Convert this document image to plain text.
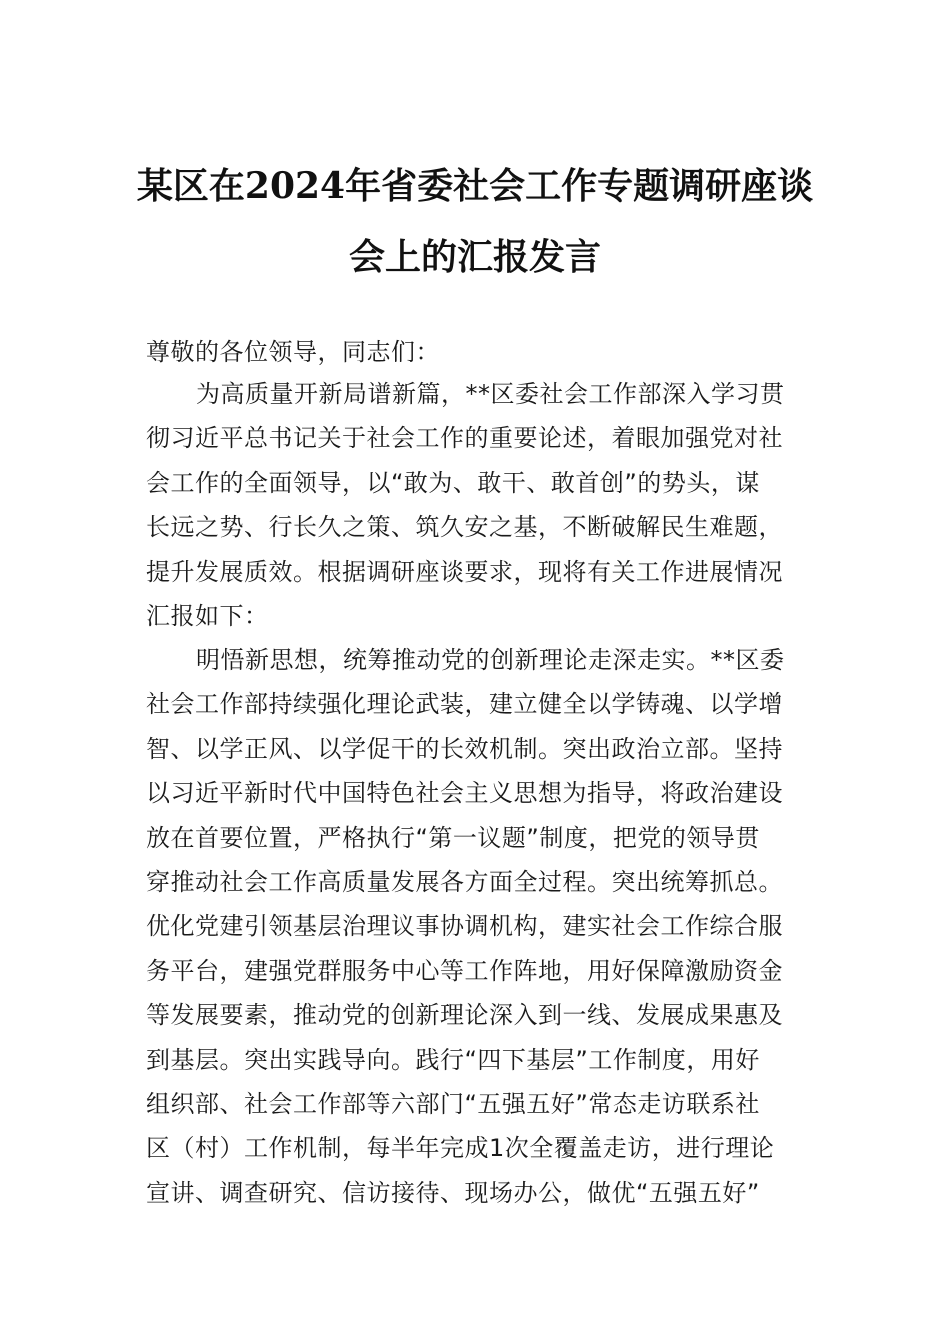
某区在2024年省委社会工作专题调研座谈
会上的汇报发言
尊敬的各位领导，同志们：
为高质量开新局谱新篇，**区委社会工作部深入学习贯
彻习近平总书记关于社会工作的重要论述，着眼加强党对社
会工作的全面领导，以“敢为、敢干、敢首创”的势头，谋
长远之势、行长久之策、筑久安之基，不断破解民生难题，
提升发展质效。根据调研座谈要求，现将有关工作进展情况
汇报如下：
明悟新思想，统筹推动党的创新理论走深走实。**区委
社会工作部持续强化理论武装，建立健全以学铸魂、以学增
智、以学正风、以学促干的长效机制。突出政治立部。坚持
以习近平新时代中国特色社会主义思想为指导，将政治建设
放在首要位置，严格执行“第一议题”制度，把党的领导贯
穿推动社会工作高质量发展各方面全过程。突出统筹抓总。
优化党建引领基层治理议事协调机构，建实社会工作综合服
务平台，建强党群服务中心等工作阵地，用好保障激励资金
等发展要素，推动党的创新理论深入到一线、发展成果惠及
到基层。突出实践导向。践行“四下基层”工作制度，用好
组织部、社会工作部等六部门“五强五好”常态走访联系社
区（村）工作机制，每半年完成1次全覆盖走访，进行理论
宣讲、调查研究、信访接待、现场办公，做优“五强五好”
